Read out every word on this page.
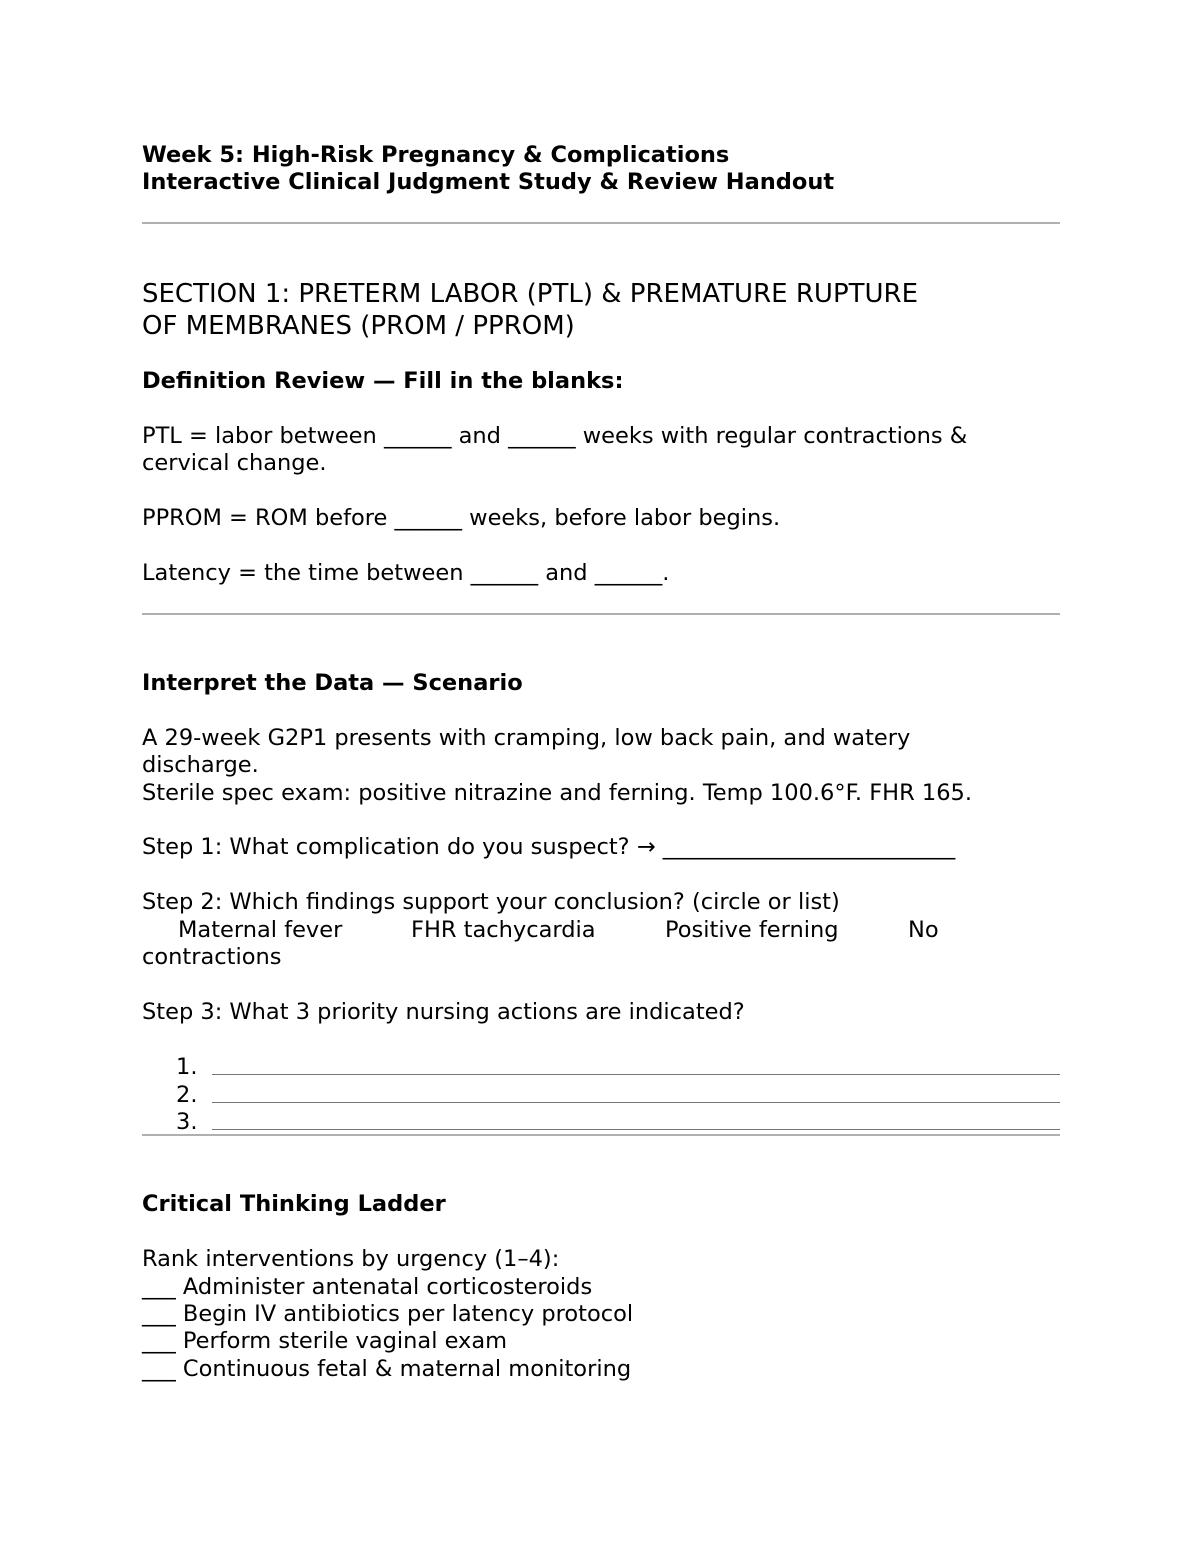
Week 5: High-Risk Pregnancy & Complications
Interactive Clinical Judgment Study & Review Handout
SECTION 1: PRETERM LABOR (PTL) & PREMATURE RUPTURE
OF MEMBRANES (PROM / PPROM)
Definition Review — Fill in the blanks:
PTL = labor between ______ and ______ weeks with regular contractions &
cervical change.
PPROM = ROM before ______ weeks, before labor begins.
Latency = the time between ______ and ______.
Interpret the Data — Scenario
A 29-week G2P1 presents with cramping, low back pain, and watery
discharge.
Sterile spec exam: positive nitrazine and ferning. Temp 100.6°F. FHR 165.
Step 1: What complication do you suspect? → __________________________
Step 2: Which findings support your conclusion? (circle or list)
Maternal fever	FHR tachycardia	Positive ferning	No
contractions
Step 3: What 3 priority nursing actions are indicated?
1.
2.
3.
Critical Thinking Ladder
Rank interventions by urgency (1–4):
___ Administer antenatal corticosteroids
___ Begin IV antibiotics per latency protocol
___ Perform sterile vaginal exam
___ Continuous fetal & maternal monitoring
